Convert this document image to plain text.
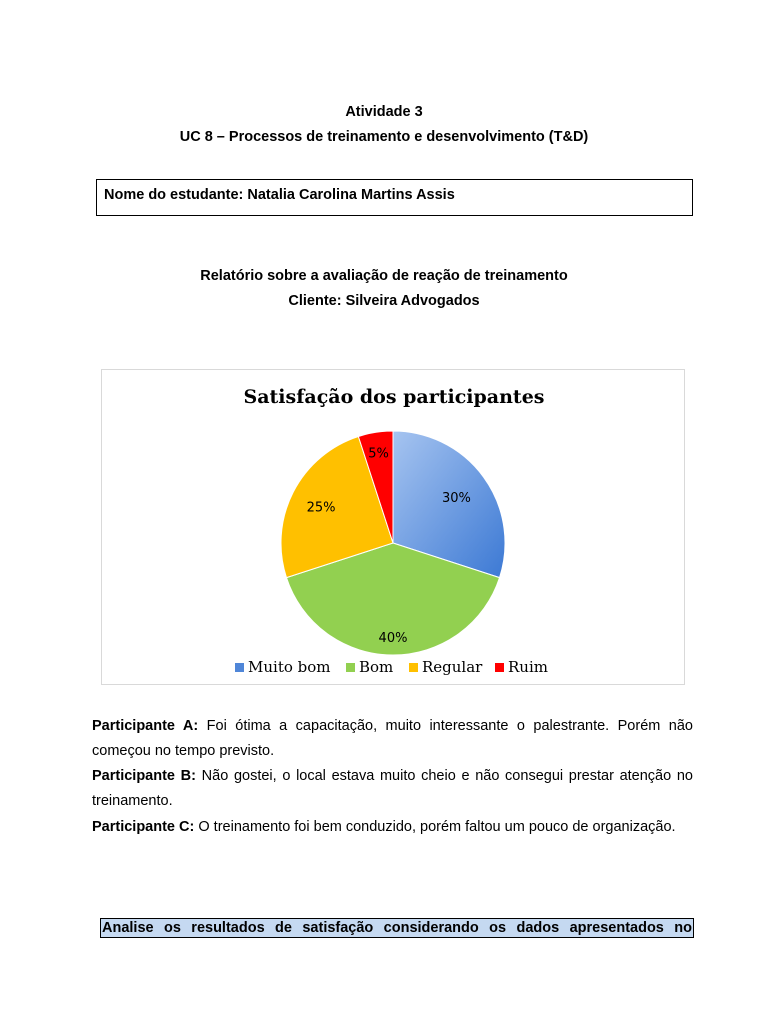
Atividade 3
UC 8 – Processos de treinamento e desenvolvimento (T&D)
Nome do estudante: Natalia Carolina Martins Assis
Relatório sobre a avaliação de reação de treinamento
Cliente: Silveira Advogados
Satisfação dos participantes
30%
40%
25%
5%
Muito bom Bom Regular Ruim
Participante A: Foi ótima a capacitação, muito interessante o palestrante. Porém não começou no tempo previsto.
Participante B: Não gostei, o local estava muito cheio e não consegui prestar atenção no treinamento.
Participante C: O treinamento foi bem conduzido, porém faltou um pouco de organização.
Analise os resultados de satisfação considerando os dados apresentados no
